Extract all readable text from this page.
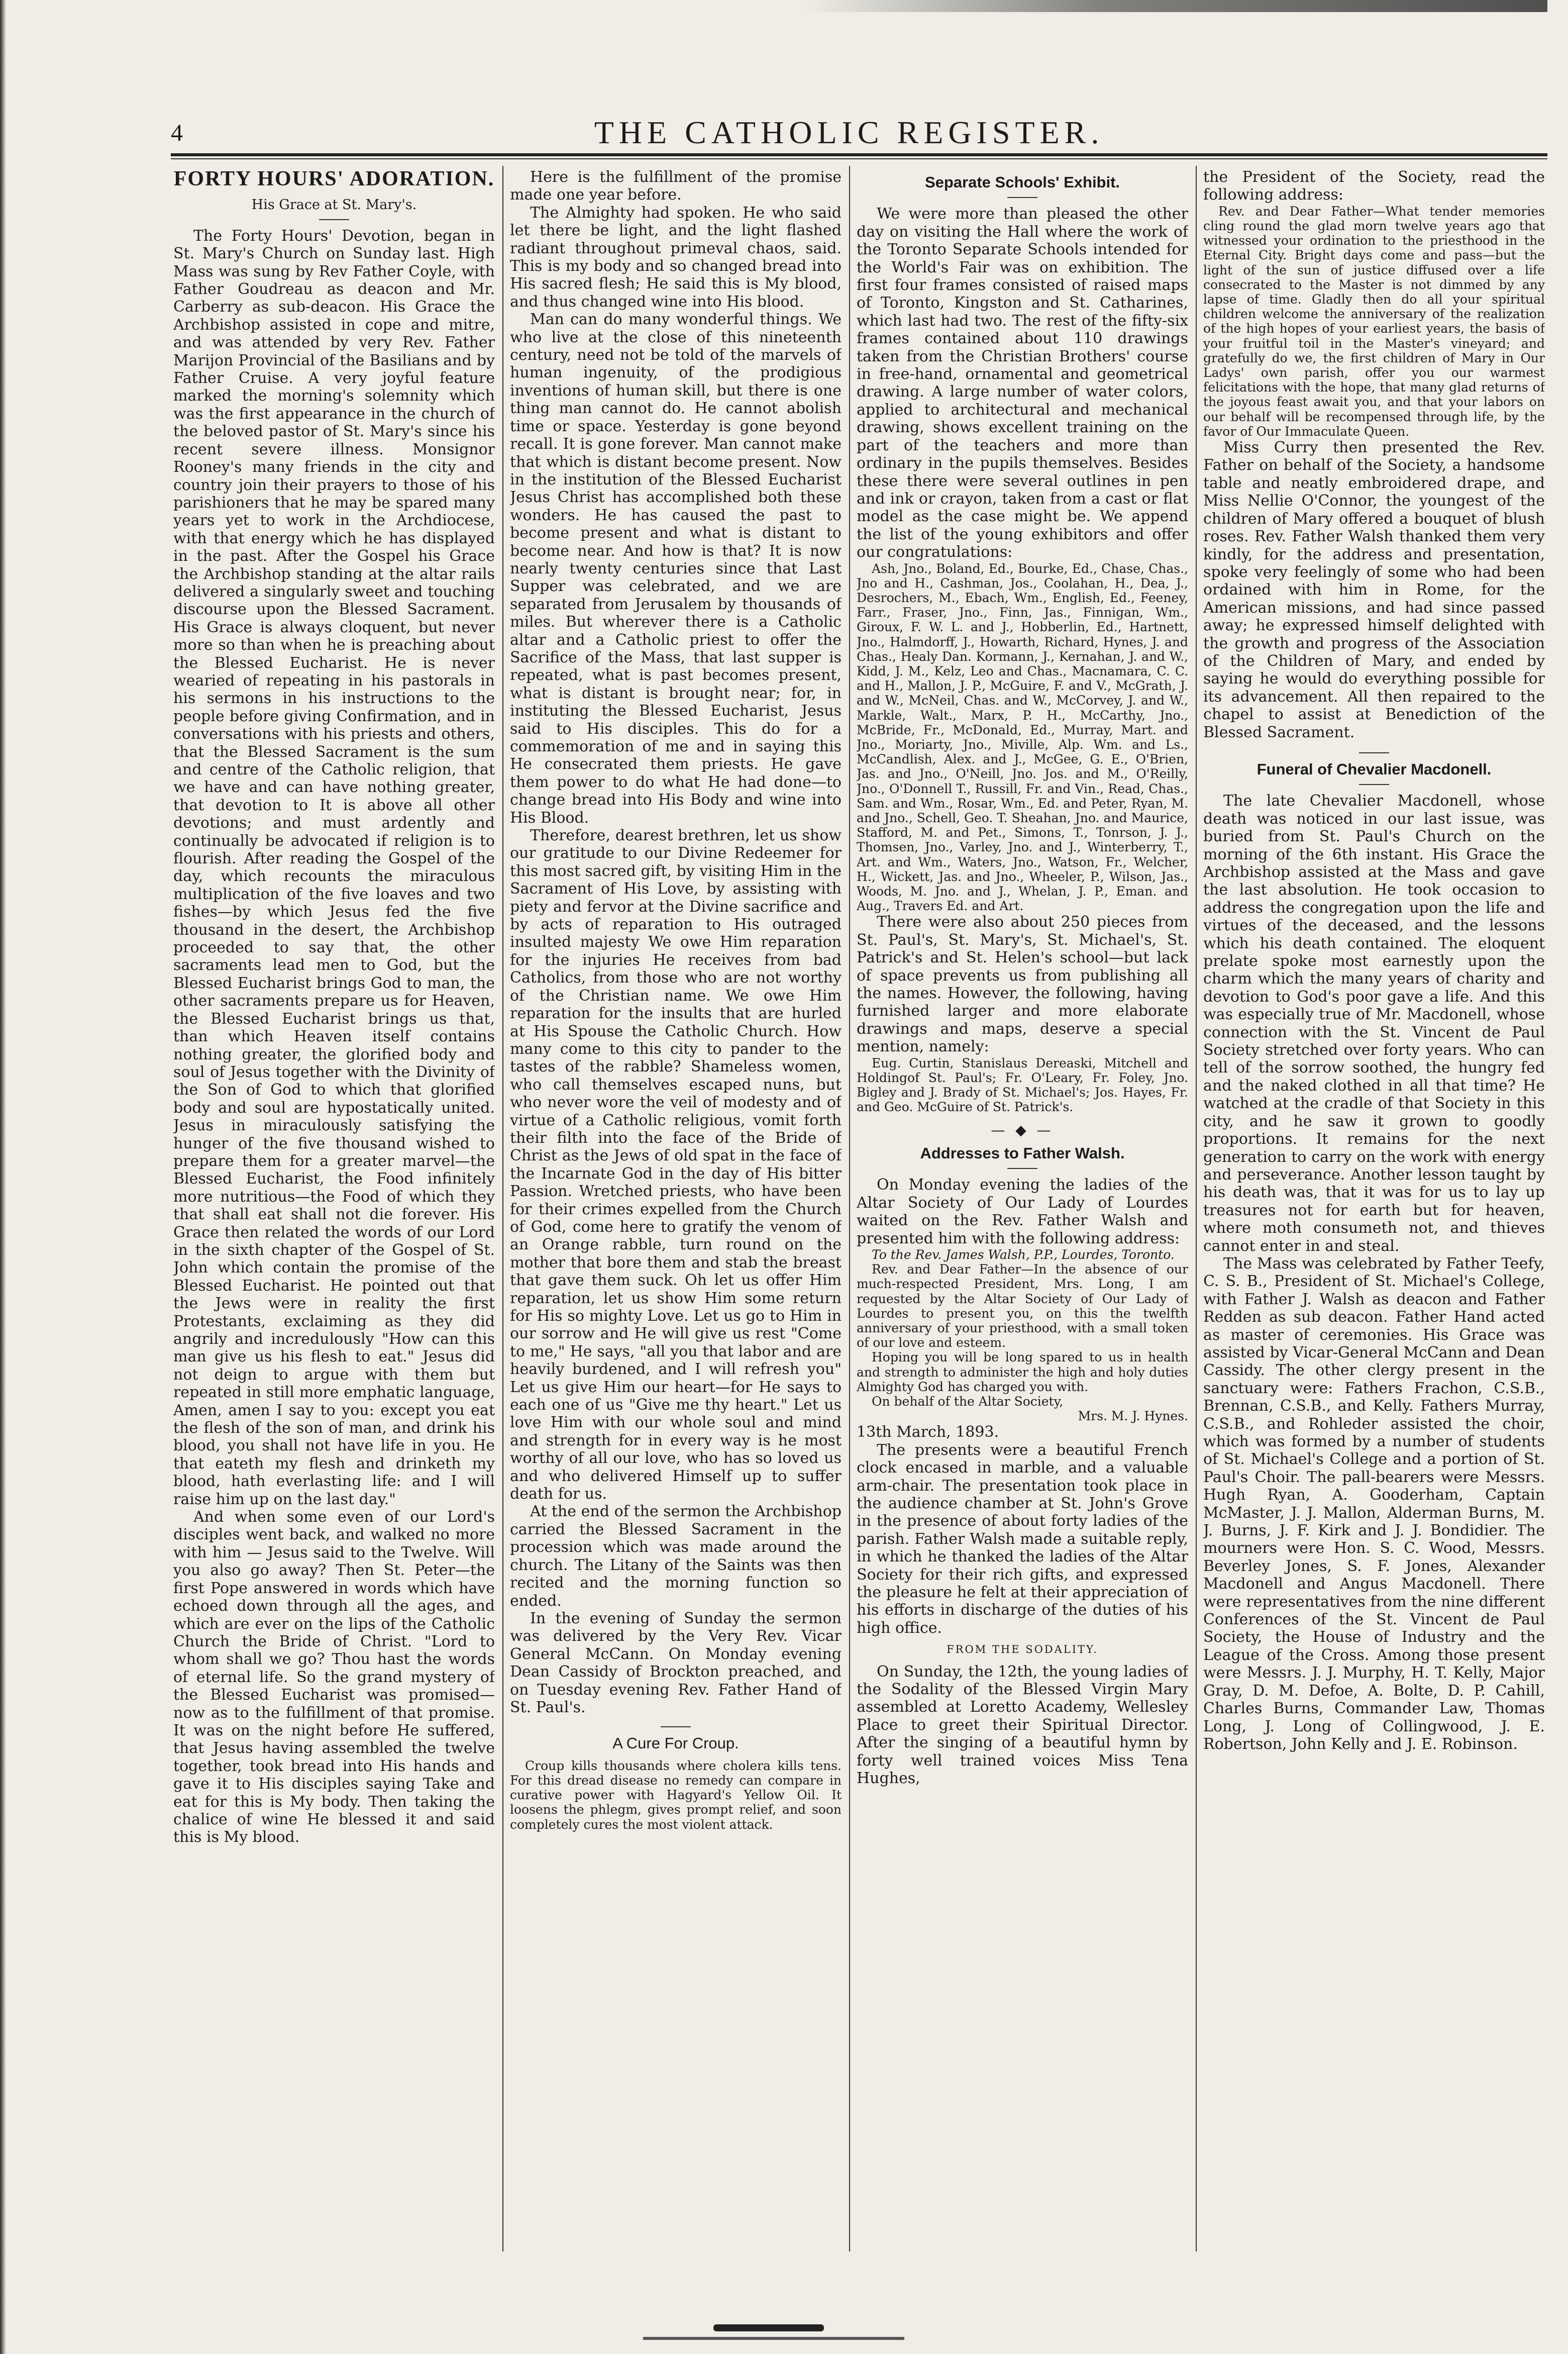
4	THE CATHOLIC REGISTER.
FORTY HOURS' ADORATION.
His Grace at St. Mary's.

The Forty Hours' Devotion, began in St. Mary's Church on Sunday last. High Mass was sung by Rev Father Coyle, with Father Goudreau as deacon and Mr. Carberry as sub-deacon. His Grace the Archbishop assisted in cope and mitre, and was attended by very Rev. Father Marijon Provincial of the Basilians and by Father Cruise. A very joyful feature marked the morning's solemnity which was the first appearance in the church of the beloved pastor of St. Mary's since his recent severe illness. Monsignor Rooney's many friends in the city and country join their prayers to those of his parishioners that he may be spared many years yet to work in the Archdiocese, with that energy which he has displayed in the past. After the Gospel his Grace the Archbishop standing at the altar rails delivered a singularly sweet and touching discourse upon the Blessed Sacrament. His Grace is always cloquent, but never more so than when he is preaching about the Blessed Eucharist. He is never wearied of repeating in his pastorals in his sermons in his instructions to the people before giving Confirmation, and in conversations with his priests and others, that the Blessed Sacrament is the sum and centre of the Catholic religion, that we have and can have nothing greater, that devotion to It is above all other devotions; and must ardently and continually be advocated if religion is to flourish. After reading the Gospel of the day, which recounts the miraculous multiplication of the five loaves and two fishes—by which Jesus fed the five thousand in the desert, the Archbishop proceeded to say that, the other sacraments lead men to God, but the Blessed Eucharist brings God to man, the other sacraments prepare us for Heaven, the Blessed Eucharist brings us that, than which Heaven itself contains nothing greater, the glorified body and soul of Jesus together with the Divinity of the Son of God to which that glorified body and soul are hypostatically united. Jesus in miraculously satisfying the hunger of the five thousand wished to prepare them for a greater marvel—the Blessed Eucharist, the Food infinitely more nutritious—the Food of which they that shall eat shall not die forever. His Grace then related the words of our Lord in the sixth chapter of the Gospel of St. John which contain the promise of the Blessed Eucharist. He pointed out that the Jews were in reality the first Protestants, exclaiming as they did angrily and incredulously "How can this man give us his flesh to eat." Jesus did not deign to argue with them but repeated in still more emphatic language, Amen, amen I say to you: except you eat the flesh of the son of man, and drink his blood, you shall not have life in you. He that eateth my flesh and drinketh my blood, hath everlasting life: and I will raise him up on the last day."

And when some even of our Lord's disciples went back, and walked no more with him — Jesus said to the Twelve. Will you also go away? Then St. Peter—the first Pope answered in words which have echoed down through all the ages, and which are ever on the lips of the Catholic Church the Bride of Christ. "Lord to whom shall we go? Thou hast the words of eternal life. So the grand mystery of the Blessed Eucharist was promised—now as to the fulfillment of that promise. It was on the night before He suffered, that Jesus having assembled the twelve together, took bread into His hands and gave it to His disciples saying Take and eat for this is My body. Then taking the chalice of wine He blessed it and said this is My blood.

Here is the fulfillment of the promise made one year before.

The Almighty had spoken. He who said let there be light, and the light flashed radiant throughout primeval chaos, said. This is my body and so changed bread into His sacred flesh; He said this is My blood, and thus changed wine into His blood.

Man can do many wonderful things. We who live at the close of this nineteenth century, need not be told of the marvels of human ingenuity, of the prodigious inventions of human skill, but there is one thing man cannot do. He cannot abolish time or space. Yesterday is gone beyond recall. It is gone forever. Man cannot make that which is distant become present. Now in the institution of the Blessed Eucharist Jesus Christ has accomplished both these wonders. He has caused the past to become present and what is distant to become near. And how is that? It is now nearly twenty centuries since that Last Supper was celebrated, and we are separated from Jerusalem by thousands of miles. But wherever there is a Catholic altar and a Catholic priest to offer the Sacrifice of the Mass, that last supper is repeated, what is past becomes present, what is distant is brought near; for, in instituting the Blessed Eucharist, Jesus said to His disciples. This do for a commemoration of me and in saying this He consecrated them priests. He gave them power to do what He had done—to change bread into His Body and wine into His Blood.

Therefore, dearest brethren, let us show our gratitude to our Divine Redeemer for this most sacred gift, by visiting Him in the Sacrament of His Love, by assisting with piety and fervor at the Divine sacrifice and by acts of reparation to His outraged insulted majesty We owe Him reparation for the injuries He receives from bad Catholics, from those who are not worthy of the Christian name. We owe Him reparation for the insults that are hurled at His Spouse the Catholic Church. How many come to this city to pander to the tastes of the rabble? Shameless women, who call themselves escaped nuns, but who never wore the veil of modesty and of virtue of a Catholic religious, vomit forth their filth into the face of the Bride of Christ as the Jews of old spat in the face of the Incarnate God in the day of His bitter Passion. Wretched priests, who have been for their crimes expelled from the Church of God, come here to gratify the venom of an Orange rabble, turn round on the mother that bore them and stab the breast that gave them suck. Oh let us offer Him reparation, let us show Him some return for His so mighty Love. Let us go to Him in our sorrow and He will give us rest "Come to me," He says, "all you that labor and are heavily burdened, and I will refresh you" Let us give Him our heart—for He says to each one of us "Give me thy heart." Let us love Him with our whole soul and mind and strength for in every way is he most worthy of all our love, who has so loved us and who delivered Himself up to suffer death for us.

At the end of the sermon the Archbishop carried the Blessed Sacrament in the procession which was made around the church. The Litany of the Saints was then recited and the morning function so ended.

In the evening of Sunday the sermon was delivered by the Very Rev. Vicar General McCann. On Monday evening Dean Cassidy of Brockton preached, and on Tuesday evening Rev. Father Hand of St. Paul's.

A Cure For Croup.

Croup kills thousands where cholera kills tens. For this dread disease no remedy can compare in curative power with Hagyard's Yellow Oil. It loosens the phlegm, gives prompt relief, and soon completely cures the most violent attack.

Separate Schools' Exhibit.

We were more than pleased the other day on visiting the Hall where the work of the Toronto Separate Schools intended for the World's Fair was on exhibition. The first four frames consisted of raised maps of Toronto, Kingston and St. Catharines, which last had two. The rest of the fifty-six frames contained about 110 drawings taken from the Christian Brothers' course in free-hand, ornamental and geometrical drawing. A large number of water colors, applied to architectural and mechanical drawing, shows excellent training on the part of the teachers and more than ordinary in the pupils themselves. Besides these there were several outlines in pen and ink or crayon, taken from a cast or flat model as the case might be. We append the list of the young exhibitors and offer our congratulations:

Ash, Jno., Boland, Ed., Bourke, Ed., Chase, Chas., Jno and H., Cashman, Jos., Coolahan, H., Dea, J., Desrochers, M., Ebach, Wm., English, Ed., Feeney, Farr., Fraser, Jno., Finn, Jas., Finnigan, Wm., Giroux, F. W. L. and J., Hobberlin, Ed., Hartnett, Jno., Halmdorff, J., Howarth, Richard, Hynes, J. and Chas., Healy Dan. Kormann, J., Kernahan, J. and W., Kidd, J. M., Kelz, Leo and Chas., Macnamara, C. C. and H., Mallon, J. P., McGuire, F. and V., McGrath, J. and W., McNeil, Chas. and W., McCorvey, J. and W., Markle, Walt., Marx, P. H., McCarthy, Jno., McBride, Fr., McDonald, Ed., Murray, Mart. and Jno., Moriarty, Jno., Miville, Alp. Wm. and Ls., McCandlish, Alex. and J., McGee, G. E., O'Brien, Jas. and Jno., O'Neill, Jno. Jos. and M., O'Reilly, Jno., O'Donnell T., Russill, Fr. and Vin., Read, Chas., Sam. and Wm., Rosar, Wm., Ed. and Peter, Ryan, M. and Jno., Schell, Geo. T. Sheahan, Jno. and Maurice, Stafford, M. and Pet., Simons, T., Tonrson, J. J., Thomsen, Jno., Varley, Jno. and J., Winterberry, T., Art. and Wm., Waters, Jno., Watson, Fr., Welcher, H., Wickett, Jas. and Jno., Wheeler, P., Wilson, Jas., Woods, M. Jno. and J., Whelan, J. P., Eman. and Aug., Travers Ed. and Art.

There were also about 250 pieces from St. Paul's, St. Mary's, St. Michael's, St. Patrick's and St. Helen's school—but lack of space prevents us from publishing all the names. However, the following, having furnished larger and more elaborate drawings and maps, deserve a special mention, namely:

Eug. Curtin, Stanislaus Dereaski, Mitchell and Holdingof St. Paul's; Fr. O'Leary, Fr. Foley, Jno. Bigley and J. Brady of St. Michael's; Jos. Hayes, Fr. and Geo. McGuire of St. Patrick's.

— ◆ —
Addresses to Father Walsh.

On Monday evening the ladies of the Altar Society of Our Lady of Lourdes waited on the Rev. Father Walsh and presented him with the following address:

To the Rev. James Walsh, P.P., Lourdes, Toronto.

Rev. and Dear Father—In the absence of our much-respected President, Mrs. Long, I am requested by the Altar Society of Our Lady of Lourdes to present you, on this the twelfth anniversary of your priesthood, with a small token of our love and esteem.

Hoping you will be long spared to us in health and strength to administer the high and holy duties Almighty God has charged you with.

On behalf of the Altar Society,

Mrs. M. J. Hynes.

13th March, 1893.

The presents were a beautiful French clock encased in marble, and a valuable arm-chair. The presentation took place in the audience chamber at St. John's Grove in the presence of about forty ladies of the parish. Father Walsh made a suitable reply, in which he thanked the ladies of the Altar Society for their rich gifts, and expressed the pleasure he felt at their appreciation of his efforts in discharge of the duties of his high office.

FROM THE SODALITY.

On Sunday, the 12th, the young ladies of the Sodality of the Blessed Virgin Mary assembled at Loretto Academy, Wellesley Place to greet their Spiritual Director. After the singing of a beautiful hymn by forty well trained voices Miss Tena Hughes,

the President of the Society, read the following address:

Rev. and Dear Father—What tender memories cling round the glad morn twelve years ago that witnessed your ordination to the priesthood in the Eternal City. Bright days come and pass—but the light of the sun of justice diffused over a life consecrated to the Master is not dimmed by any lapse of time. Gladly then do all your spiritual children welcome the anniversary of the realization of the high hopes of your earliest years, the basis of your fruitful toil in the Master's vineyard; and gratefully do we, the first children of Mary in Our Ladys' own parish, offer you our warmest felicitations with the hope, that many glad returns of the joyous feast await you, and that your labors on our behalf will be recompensed through life, by the favor of Our Immaculate Queen.

Miss Curry then presented the Rev. Father on behalf of the Society, a handsome table and neatly embroidered drape, and Miss Nellie O'Connor, the youngest of the children of Mary offered a bouquet of blush roses. Rev. Father Walsh thanked them very kindly, for the address and presentation, spoke very feelingly of some who had been ordained with him in Rome, for the American missions, and had since passed away; he expressed himself delighted with the growth and progress of the Association of the Children of Mary, and ended by saying he would do everything possible for its advancement. All then repaired to the chapel to assist at Benediction of the Blessed Sacrament.

Funeral of Chevalier Macdonell.

The late Chevalier Macdonell, whose death was noticed in our last issue, was buried from St. Paul's Church on the morning of the 6th instant. His Grace the Archbishop assisted at the Mass and gave the last absolution. He took occasion to address the congregation upon the life and virtues of the deceased, and the lessons which his death contained. The eloquent prelate spoke most earnestly upon the charm which the many years of charity and devotion to God's poor gave a life. And this was especially true of Mr. Macdonell, whose connection with the St. Vincent de Paul Society stretched over forty years. Who can tell of the sorrow soothed, the hungry fed and the naked clothed in all that time? He watched at the cradle of that Society in this city, and he saw it grown to goodly proportions. It remains for the next generation to carry on the work with energy and perseverance. Another lesson taught by his death was, that it was for us to lay up treasures not for earth but for heaven, where moth consumeth not, and thieves cannot enter in and steal.

The Mass was celebrated by Father Teefy, C. S. B., President of St. Michael's College, with Father J. Walsh as deacon and Father Redden as sub deacon. Father Hand acted as master of ceremonies. His Grace was assisted by Vicar-General McCann and Dean Cassidy. The other clergy present in the sanctuary were: Fathers Frachon, C.S.B., Brennan, C.S.B., and Kelly. Fathers Murray, C.S.B., and Rohleder assisted the choir, which was formed by a number of students of St. Michael's College and a portion of St. Paul's Choir. The pall-bearers were Messrs. Hugh Ryan, A. Gooderham, Captain McMaster, J. J. Mallon, Alderman Burns, M. J. Burns, J. F. Kirk and J. J. Bondidier. The mourners were Hon. S. C. Wood, Messrs. Beverley Jones, S. F. Jones, Alexander Macdonell and Angus Macdonell. There were representatives from the nine different Conferences of the St. Vincent de Paul Society, the House of Industry and the League of the Cross. Among those present were Messrs. J. J. Murphy, H. T. Kelly, Major Gray, D. M. Defoe, A. Bolte, D. P. Cahill, Charles Burns, Commander Law, Thomas Long, J. Long of Collingwood, J. E. Robertson, John Kelly and J. E. Robinson.
